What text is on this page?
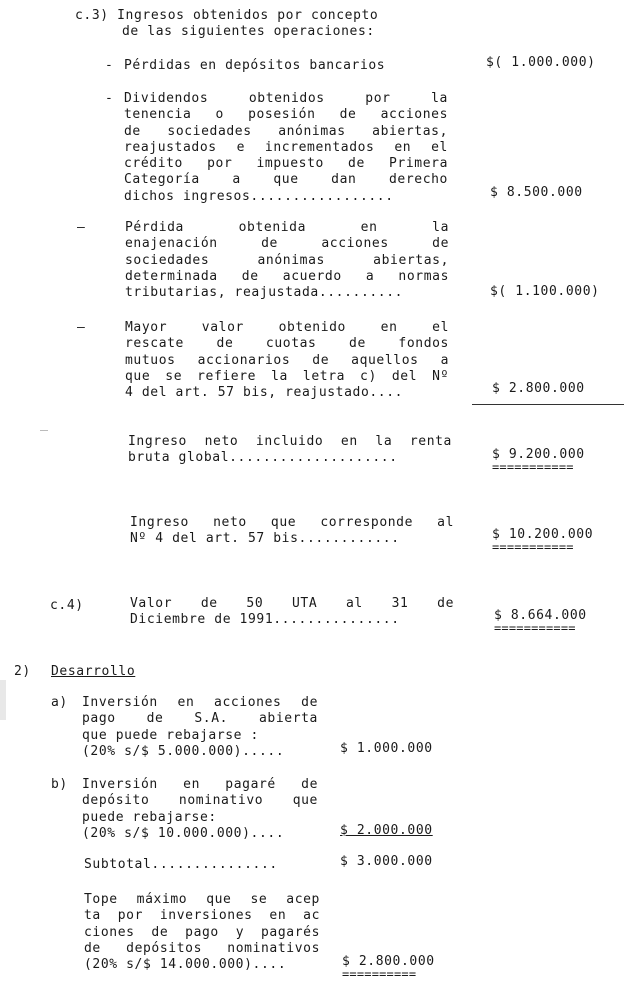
c.3) Ingresos obtenidos por concepto
de las siguientes operaciones:
- Pérdidas en depósitos bancarios	$( 1.000.000)
- Dividendos obtenidos por la
tenencia o posesión de acciones
de sociedades anónimas abiertas,
reajustados e incrementados en el
crédito por impuesto de Primera
Categoría a que dan derecho
dichos ingresos.................	$ 8.500.000
–	Pérdida obtenida en la
enajenación de acciones de
sociedades anónimas abiertas,
determinada de acuerdo a normas
tributarias, reajustada..........	$( 1.100.000)
–	Mayor valor obtenido en el
rescate de cuotas de fondos
mutuos accionarios de aquellos a
que se refiere la letra c) del Nº
4 del art. 57 bis, reajustado....	$ 2.800.000
Ingreso neto incluido en la renta
bruta global....................	$ 9.200.000
===========
Ingreso neto que corresponde al
Nº 4 del art. 57 bis............	$ 10.200.000
===========
c.4)	Valor de 50 UTA al 31 de
Diciembre de 1991...............	$ 8.664.000
===========
2) Desarrollo
a) Inversión en acciones de
pago de S.A. abierta
que puede rebajarse :
(20% s/$ 5.000.000).....	$ 1.000.000
b) Inversión en pagaré de
depósito nominativo que
puede rebajarse:
(20% s/$ 10.000.000)....	$ 2.000.000
Subtotal...............	$ 3.000.000
Tope máximo que se acep
ta por inversiones en ac
ciones de pago y pagarés
de depósitos nominativos
(20% s/$ 14.000.000)....	$ 2.800.000
==========
